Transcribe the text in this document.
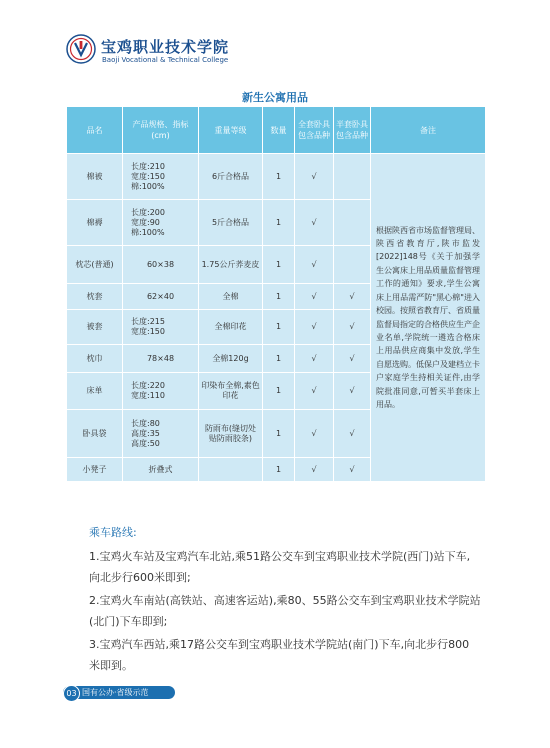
宝鸡职业技术学院
Baoji Vocational & Technical College
新生公寓用品
品名	产品规格、指标(cm)	重量等级	数量	全套卧具包含品种	半套卧具包含品种	备注
棉被	长度:210
宽度:150
棉:100%	6斤合格品	1	√		根据陕西省市场监督管理局、陕西省教育厅,陕市监发[2022]148号《关于加强学生公寓床上用品质量监督管理工作的通知》要求,学生公寓床上用品需严防"黑心棉"进入校园。按照省教育厅、省质量监督局指定的合格供应生产企业名单,学院统一遴选合格床上用品供应商集中发放,学生自愿选购。低保户及建档立卡户家庭学生持相关证件,由学院批准同意,可暂买半套床上用品。
棉褥	长度:200
宽度:90
棉:100%	5斤合格品	1	√		
枕芯(普通)	60×38	1.75公斤荞麦皮	1	√		
枕套	62×40	全棉	1	√	√	
被套	长度:215
宽度:150	全棉印花	1	√	√	
枕巾	78×48	全棉120g	1	√	√	
床单	长度:220
宽度:110	印染布全棉,素色印花	1	√	√	
卧具袋	长度:80
高度:35
高度:50	防雨布(缝切处贴防雨胶条)	1	√	√	
小凳子	折叠式		1	√	√	
乘车路线:
1.宝鸡火车站及宝鸡汽车北站,乘51路公交车到宝鸡职业技术学院(西门)站下车,
向北步行600米即到;
2.宝鸡火车南站(高铁站、高速客运站),乘80、55路公交车到宝鸡职业技术学院站
(北门)下车即到;
3.宝鸡汽车西站,乘17路公交车到宝鸡职业技术学院站(南门)下车,向北步行800
米即到。
03 国有公办·省级示范
